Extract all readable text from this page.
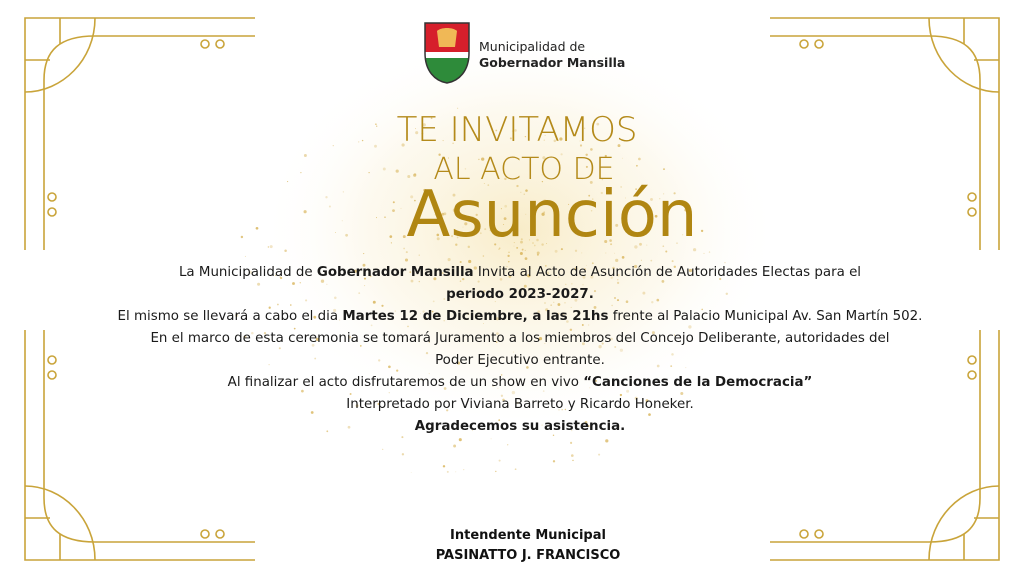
Municipalidad de
Gobernador Mansilla
TE INVITAMOS
AL ACTO DE
Asunción

La Municipalidad de Gobernador Mansilla Invita al Acto de Asunción de Autoridades Electas para el

periodo 2023-2027.

El mismo se llevará a cabo el dia Martes 12 de Diciembre, a las 21hs frente al Palacio Municipal Av. San Martín 502.

En el marco de esta ceremonia se tomará Juramento a los miembros del Concejo Deliberante, autoridades del

Poder Ejecutivo entrante.

Al finalizar el acto disfrutaremos de un show en vivo “Canciones de la Democracia”

Interpretado por Viviana Barreto y Ricardo Honeker.

Agradecemos su asistencia.

Intendente Municipal
PASINATTO J. FRANCISCO
